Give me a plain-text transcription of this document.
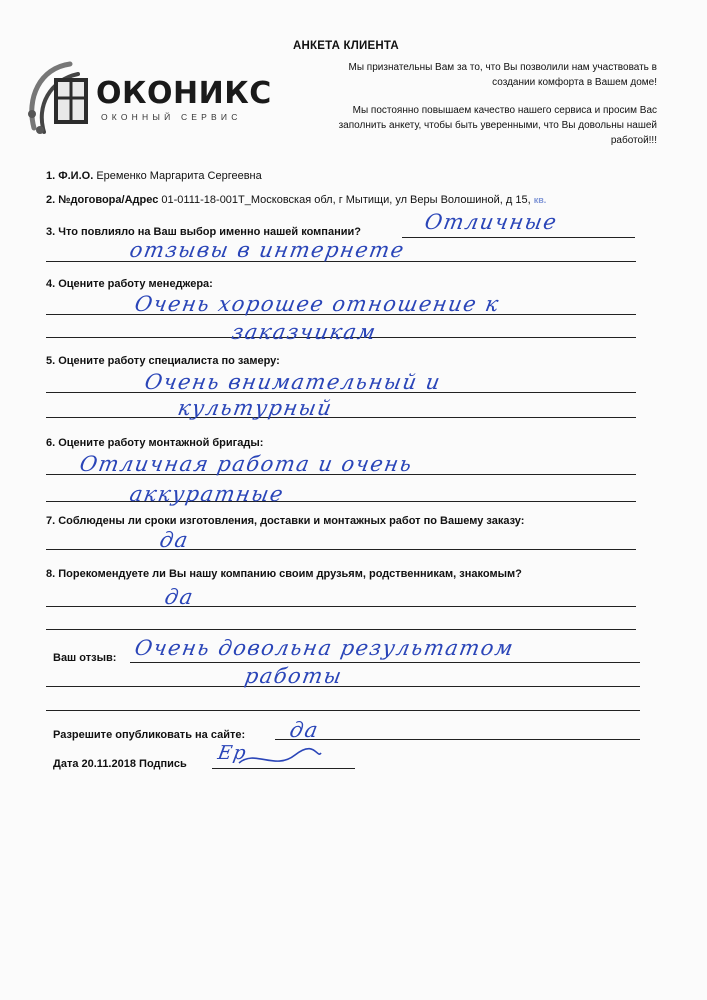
АНКЕТА КЛИЕНТА
Мы признательны Вам за то, что Вы позволили нам участвовать в создании комфорта в Вашем доме!
Мы постоянно повышаем качество нашего сервиса и просим Вас заполнить анкету, чтобы быть уверенными, что Вы довольны нашей работой!!!
ОКОНИКС
ОКОННЫЙ СЕРВИС
1. Ф.И.О. Еременко Маргарита Сергеевна
2. №договора/Адрес 01-0111-18-001Т_Московская обл, г Мытищи, ул Веры Волошиной, д 15, кв.
3. Что повлияло на Ваш выбор именно нашей компании?	Отличные
отзывы в интернете
4. Оцените работу менеджера:
Очень хорошее отношение к
заказчикам
5. Оцените работу специалиста по замеру:
Очень внимательный и
культурный
6. Оцените работу монтажной бригады:
Отличная работа и очень
аккуратные
7. Соблюдены ли сроки изготовления, доставки и монтажных работ по Вашему заказу:
да
8. Порекомендуете ли Вы нашу компанию своим друзьям, родственникам, знакомым?
да
Ваш отзыв: Очень довольна результатом
работы
Разрешите опубликовать на сайте: да
Дата 20.11.2018 Подпись Ер
